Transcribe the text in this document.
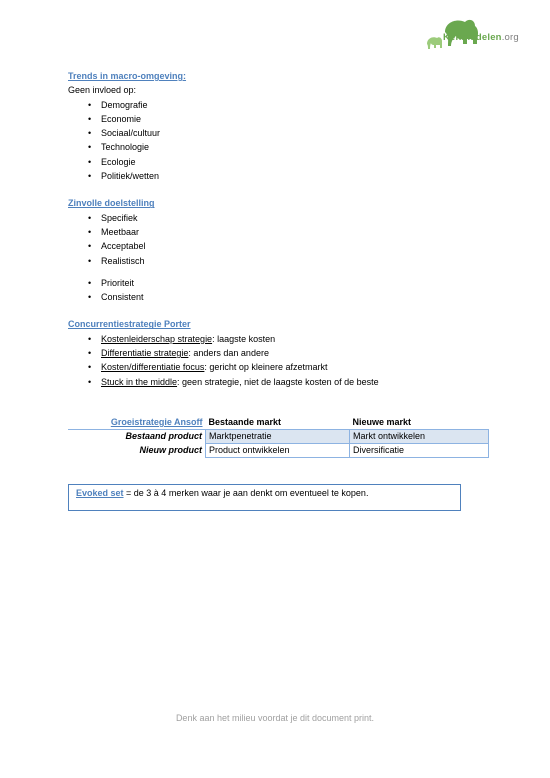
Kennisdelen.org
Trends in macro-omgeving:
Geen invloed op:
• Demografie
• Economie
• Sociaal/cultuur
• Technologie
• Ecologie
• Politiek/wetten
Zinvolle doelstelling
• Specifiek
• Meetbaar
• Acceptabel
• Realistisch
• Prioriteit
• Consistent
Concurrentiestrategie Porter
• Kostenleiderschap strategie: laagste kosten
• Differentiatie strategie: anders dan andere
• Kosten/differentiatie focus: gericht op kleinere afzetmarkt
• Stuck in the middle: geen strategie, niet de laagste kosten of de beste
Groeistrategie Ansoff	Bestaande markt	Nieuwe markt
Bestaand product	Marktpenetratie	Markt ontwikkelen
Nieuw product	Product ontwikkelen	Diversificatie
Evoked set = de 3 à 4 merken waar je aan denkt om eventueel te kopen.
Denk aan het milieu voordat je dit document print.
